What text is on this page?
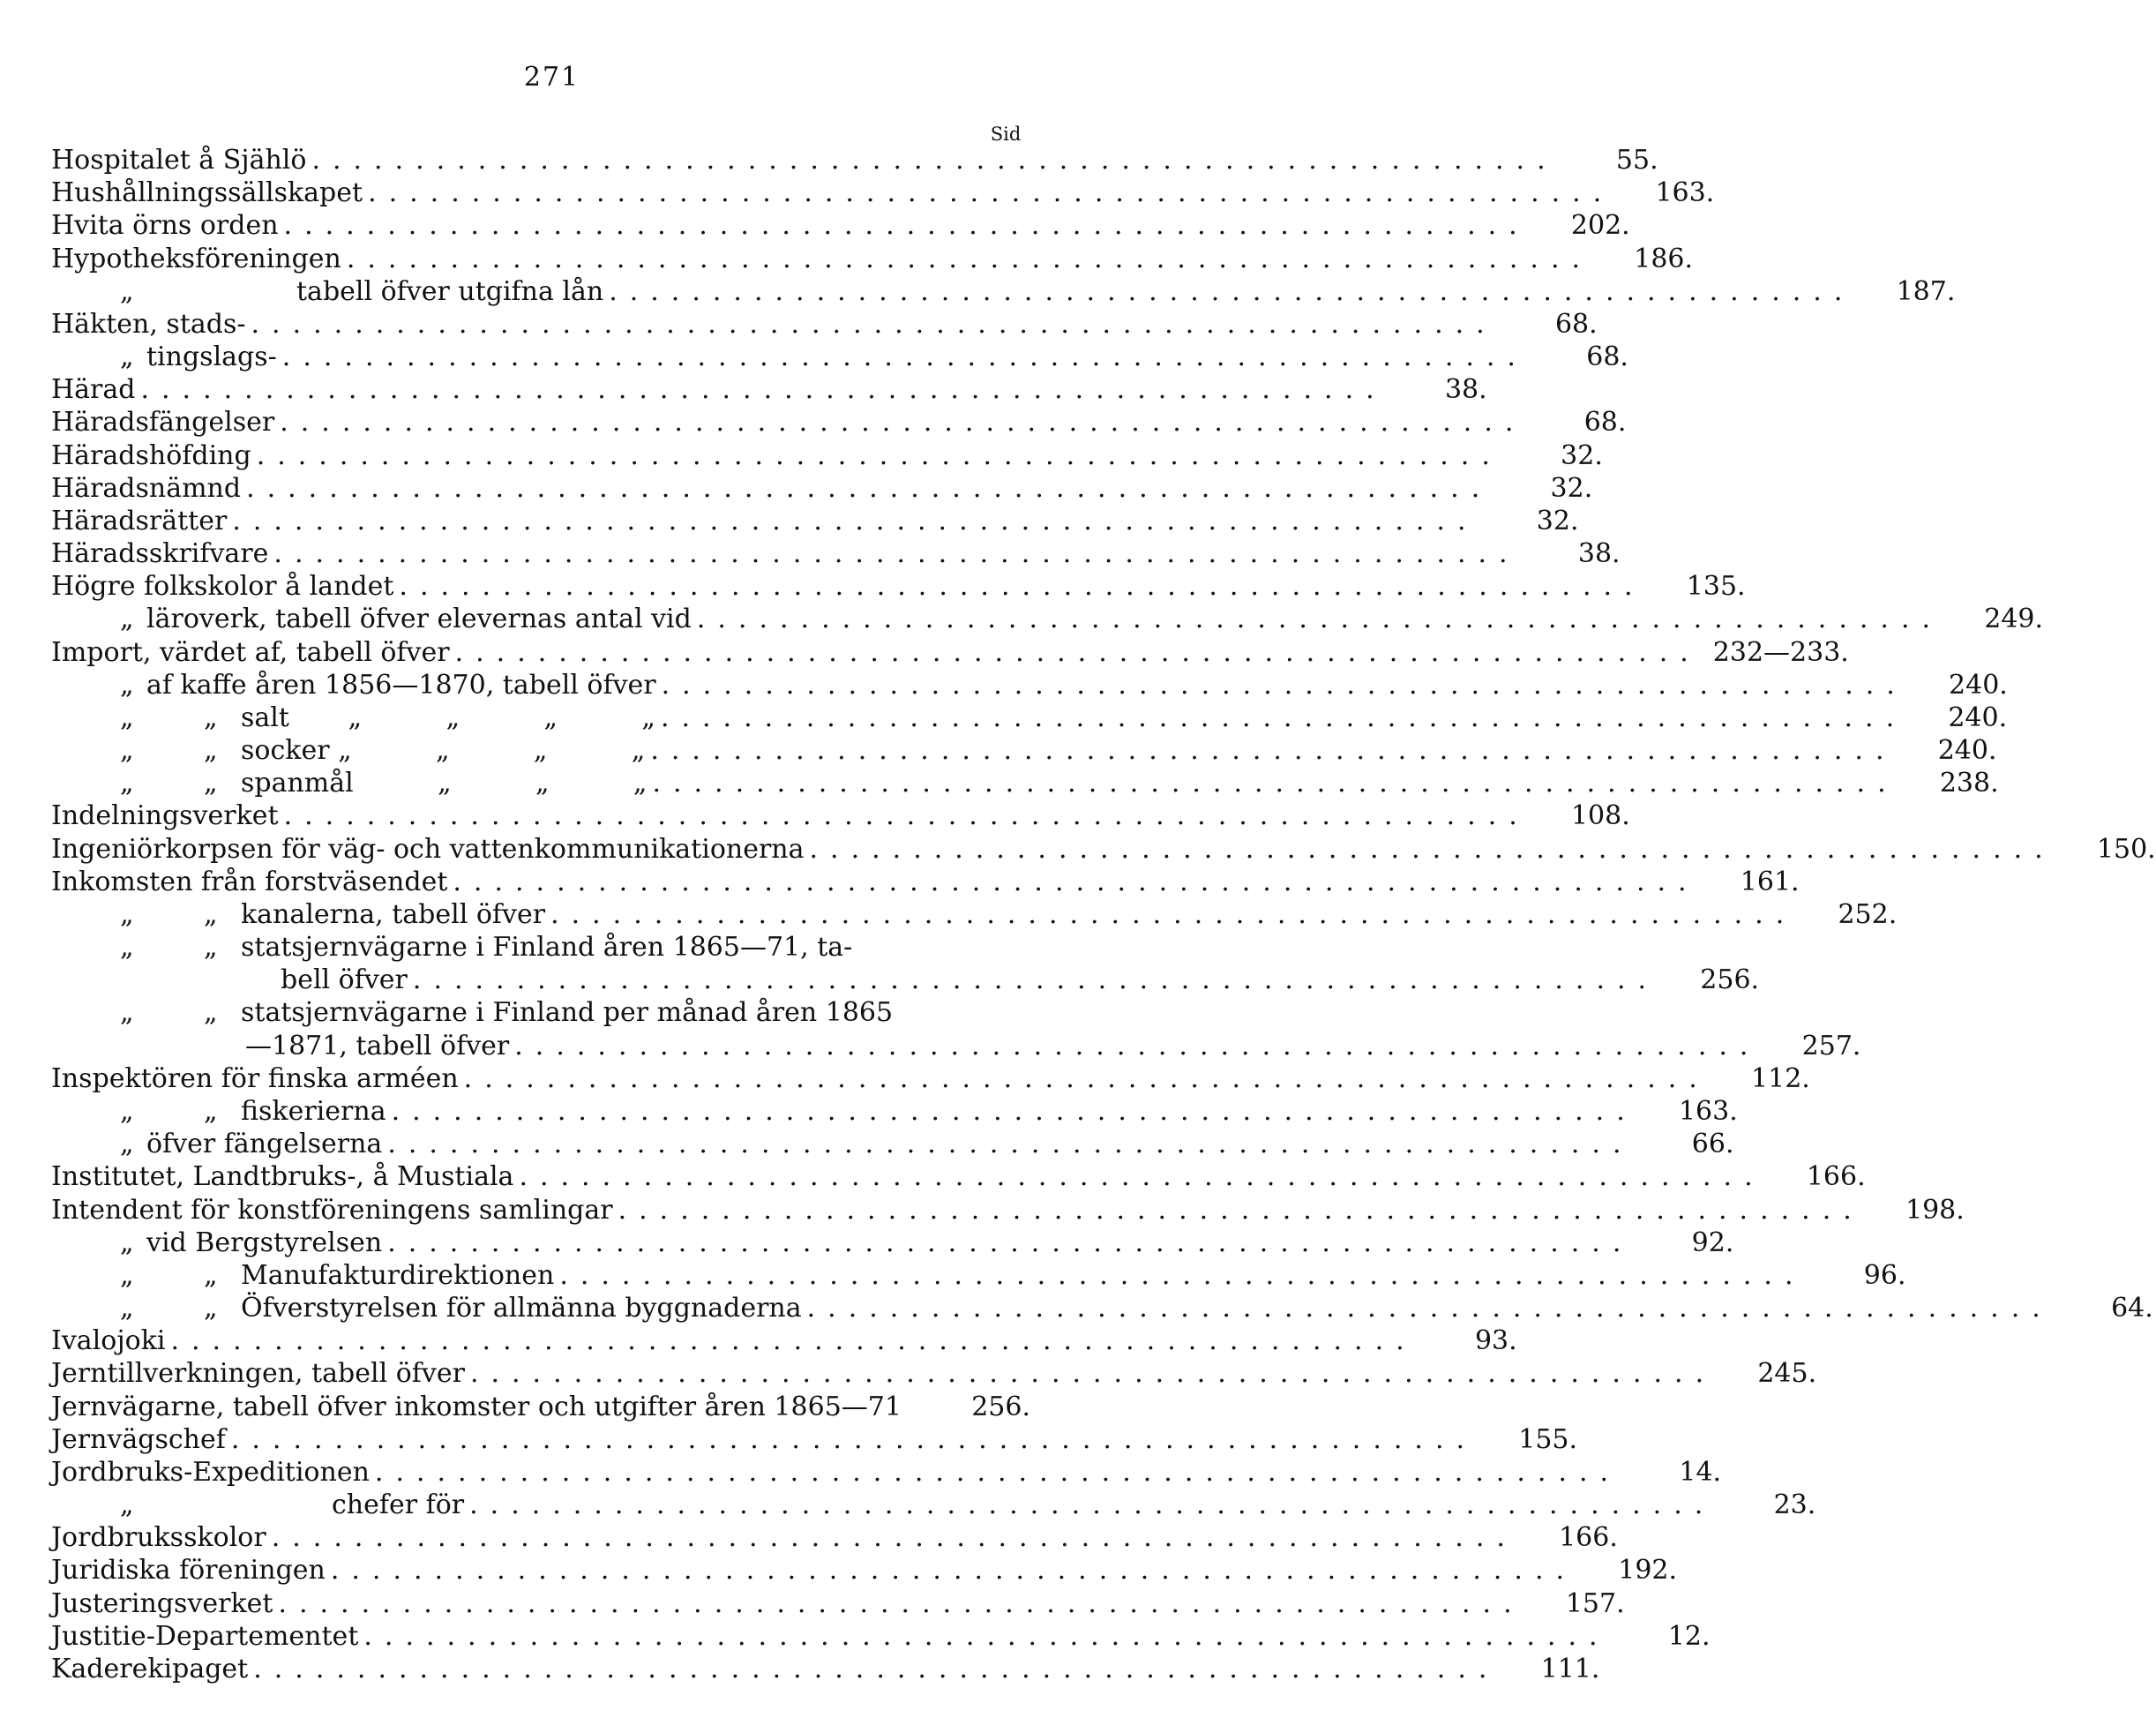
271
Sid
Hospitalet å Sjählö ............................................................	55.
Hushållningssällskapet ............................................................	163.
Hvita örns orden ............................................................	202.
Hypotheksföreningen ............................................................	186.
„	tabell öfver utgifna lån ............................................................	187.
Häkten, stads- ............................................................	68.
„ tingslags- ............................................................	68.
Härad ............................................................	38.
Häradsfängelser ............................................................	68.
Häradshöfding ............................................................	32.
Häradsnämnd ............................................................	32.
Häradsrätter ............................................................	32.
Häradsskrifvare ............................................................	38.
Högre folkskolor å landet ............................................................	135.
„ läroverk, tabell öfver elevernas antal vid ............................................................	249.
Import, värdet af, tabell öfver ............................................................ 232—233.
„ af kaffe åren 1856—1870, tabell öfver ............................................................	240.
„	„ salt       „          „          „          „ ............................................................	240.
„	„ socker „          „          „          „ ............................................................	240.
„	„ spanmål          „          „          „ ............................................................	238.
Indelningsverket ............................................................	108.
Ingeniörkorpsen för väg- och vattenkommunikationerna ............................................................	150.
Inkomsten från forstväsendet ............................................................	161.
„	„ kanalerna, tabell öfver ............................................................	252.
„	„ statsjernvägarne i Finland åren 1865—71, ta-
bell öfver ............................................................	256.
„	„ statsjernvägarne i Finland per månad åren 1865
—1871, tabell öfver ............................................................	257.
Inspektören för finska arméen ............................................................	112.
„	„ fiskerierna ............................................................	163.
„ öfver fängelserna ............................................................	66.
Institutet, Landtbruks-, å Mustiala ............................................................	166.
Intendent för konstföreningens samlingar ............................................................	198.
„ vid Bergstyrelsen ............................................................	92.
„	„ Manufakturdirektionen ............................................................	96.
„	„ Öfverstyrelsen för allmänna byggnaderna ............................................................	64.
Ivalojoki ............................................................	93.
Jerntillverkningen, tabell öfver ............................................................	245.
Jernvägarne, tabell öfver inkomster och utgifter åren 1865—71	256.
Jernvägschef ............................................................	155.
Jordbruks-Expeditionen ............................................................	14.
„	chefer för ............................................................	23.
Jordbruksskolor ............................................................	166.
Juridiska föreningen ............................................................	192.
Justeringsverket ............................................................	157.
Justitie-Departementet ............................................................	12.
Kaderekipaget ............................................................	111.
